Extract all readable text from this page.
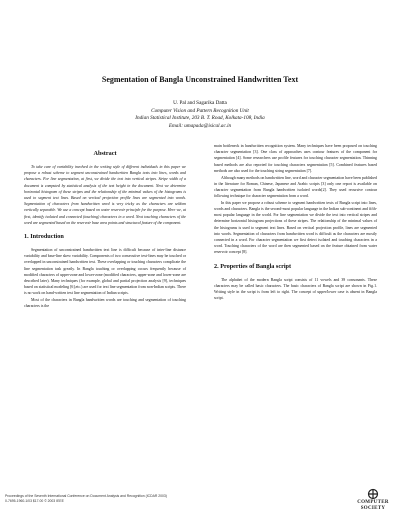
Segmentation of Bangla Unconstrained Handwritten Text
U. Pal and Sagarika Datta
Computer Vision and Pattern Recognition Unit
Indian Statistical Institute, 203 B. T. Road, Kolkata-108, India
Email: umapada@isical.ac.in
Abstract

To take care of variability involved in the writing style of different individuals in this paper we propose a robust scheme to segment unconstrained handwritten Bangla texts into lines, words and characters. For line segmentation, at first, we divide the text into vertical stripes. Stripe width of a document is computed by statistical analysis of the text height in the document. Next we determine horizontal histogram of these stripes and the relationship of the minimal values of the histograms is used to segment text lines. Based on vertical projection profile lines are segmented into words. Segmentation of characters from handwritten word is very tricky as the characters are seldom vertically separable. We use a concept based on water reservoir principle for the purpose. Here we, at first, identify isolated and connected (touching) characters in a word. Next touching characters of the word are segmented based on the reservoir base area points and structural feature of the component.

1. Introduction

Segmentation of unconstrained handwritten text line is difficult because of inter-line distance variability and base-line skew variability. Components of two consecutive text-lines may be touched or overlapped in unconstrained handwritten text. These overlapping or touching characters complicate the line segmentation task greatly. In Bangla touching or overlapping occurs frequently because of modified characters of upper-zone and lower-zone (modified characters, upper-zone and lower-zone are described later). Many techniques (for example, global and partial projection analysis [9], techniques based on statistical modeling [6],etc.) are used for text line segmentation from non-Indian scripts. There is no work on hand-written text line segmentation of Indian scripts.

Most of the characters in Bangla handwritten words are touching and segmentation of touching characters is the

main bottleneck in handwritten recognition system. Many techniques have been proposed on touching character segmentation [3]. One class of approaches uses contour features of the component for segmentation [4]. Some researchers use profile features for touching character segmentation. Thinning based methods are also reported for touching characters segmentation [5]. Combined features based methods are also used for the touching string segmentation [7].

Although many methods on handwritten line, word and character segmentation have been published in the literature for Roman, Chinese, Japanese and Arabic scripts [3] only one report is available on character segmentation from Bangla handwritten isolated words[2]. They used recursive contour following technique for character segmentation from a word.

In this paper we propose a robust scheme to segment handwritten texts of Bangla script into lines, words and characters. Bangla is the second-most popular language in the Indian sub-continent and fifth-most popular language in the world. For line segmentation we divide the text into vertical stripes and determine horizontal histogram projections of these stripes. The relationship of the minimal values of the histograms is used to segment text lines. Based on vertical projection profile, lines are segmented into words. Segmentation of characters from handwritten word is difficult as the characters are mostly connected in a word. For character segmentation we first detect isolated and touching characters in a word. Touching characters of the word are then segmented based on the feature obtained from water reservoir concept [8].

2. Properties of Bangla script

The alphabet of the modern Bangla script consists of 11 vowels and 39 consonants. These characters may be called basic characters. The basic characters of Bangla script are shown in Fig.1. Writing style in the script is from left to right. The concept of upper/lower case is absent in Bangla script.

Proceedings of the Seventh International Conference on Document Analysis and Recognition (ICDAR 2003)
0-7695-1960-1/03 $17.00 © 2003 IEEE	COMPUTER
SOCIETY
